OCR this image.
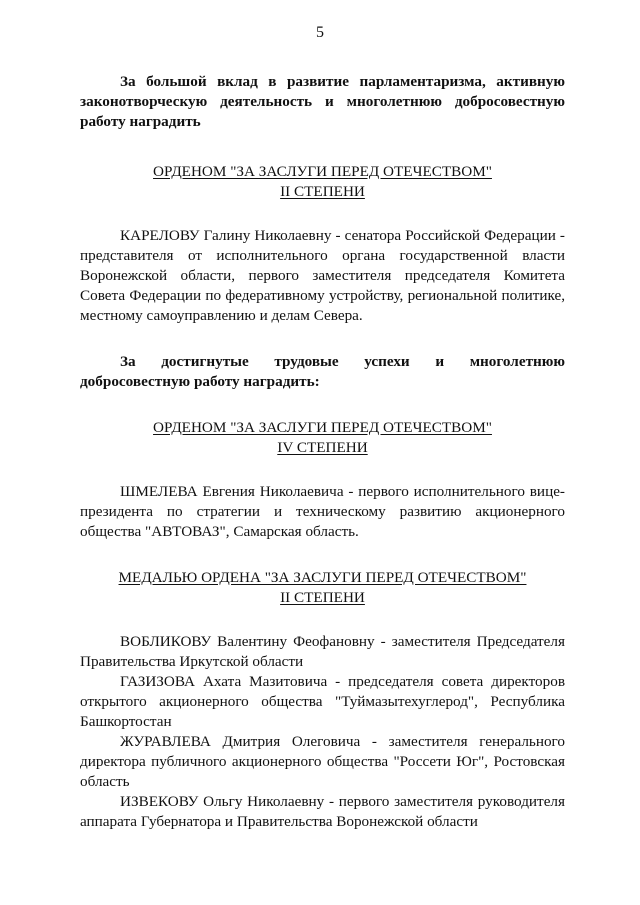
5

За большой вклад в развитие парламентаризма, активную законотворческую деятельность и многолетнюю добросовестную работу наградить

ОРДЕНОМ "ЗА ЗАСЛУГИ ПЕРЕД ОТЕЧЕСТВОМ"
II СТЕПЕНИ

КАРЕЛОВУ Галину Николаевну - сенатора Российской Федерации - представителя от исполнительного органа государственной власти Воронежской области, первого заместителя председателя Комитета Совета Федерации по федеративному устройству, региональной политике, местному самоуправлению и делам Севера.

За достигнутые трудовые успехи и многолетнюю добросовестную работу наградить:

ОРДЕНОМ "ЗА ЗАСЛУГИ ПЕРЕД ОТЕЧЕСТВОМ"
IV СТЕПЕНИ

ШМЕЛЕВА Евгения Николаевича - первого исполнительного вице-президента по стратегии и техническому развитию акционерного общества "АВТОВАЗ", Самарская область.

МЕДАЛЬЮ ОРДЕНА "ЗА ЗАСЛУГИ ПЕРЕД ОТЕЧЕСТВОМ"
II СТЕПЕНИ

ВОБЛИКОВУ Валентину Феофановну - заместителя Председателя Правительства Иркутской области

ГАЗИЗОВА Ахата Мазитовича - председателя совета директоров открытого акционерного общества "Туймазытехуглерод", Республика Башкортостан

ЖУРАВЛЕВА Дмитрия Олеговича - заместителя генерального директора публичного акционерного общества "Россети Юг", Ростовская область

ИЗВЕКОВУ Ольгу Николаевну - первого заместителя руководителя аппарата Губернатора и Правительства Воронежской области
